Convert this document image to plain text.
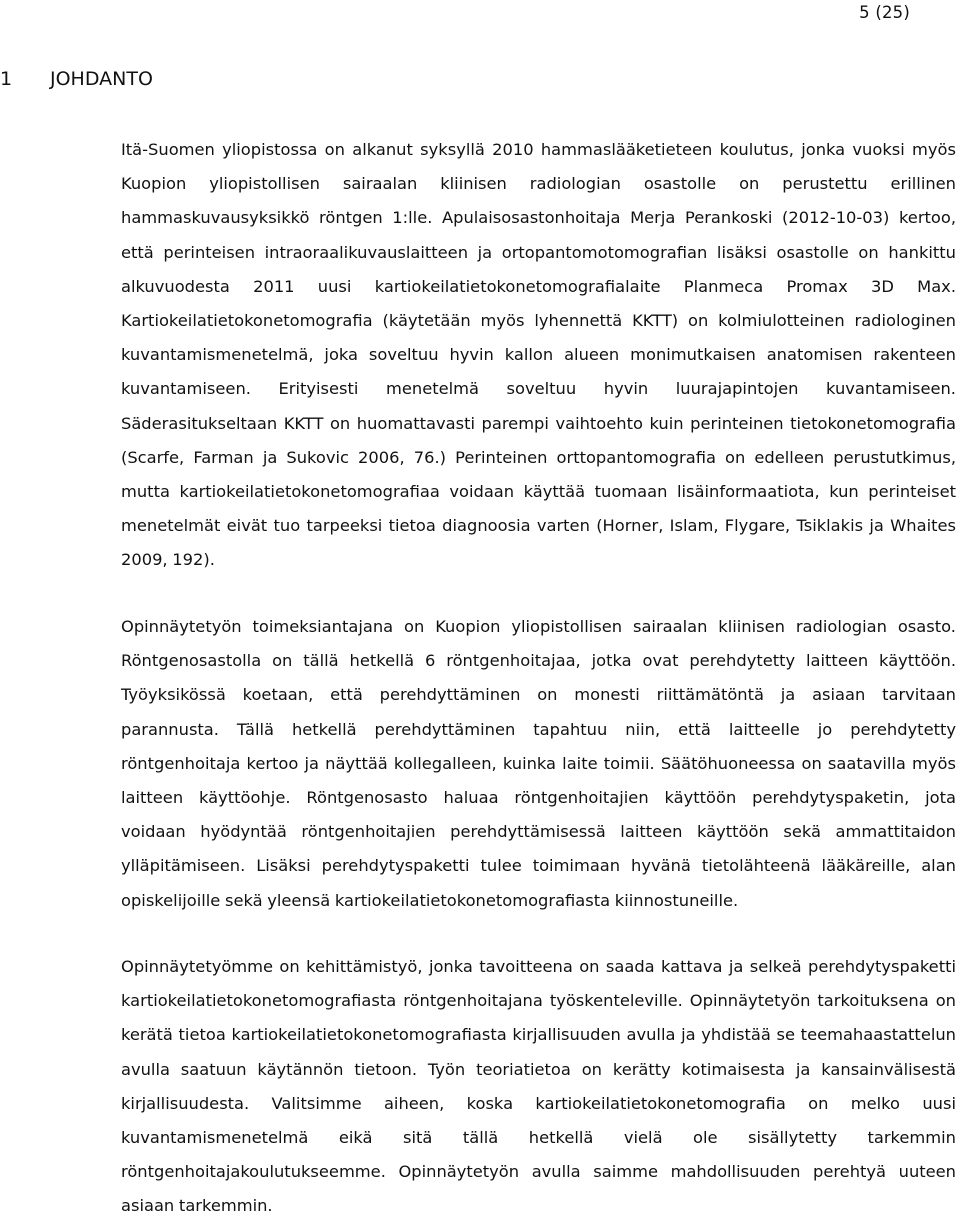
5 (25)
1 JOHDANTO
Itä-Suomen yliopistossa on alkanut syksyllä 2010 hammaslääketieteen koulutus, jonka vuoksi myös
Kuopion yliopistollisen sairaalan kliinisen radiologian osastolle on perustettu erillinen
hammaskuvausyksikkö röntgen 1:lle. Apulaisosastonhoitaja Merja Perankoski (2012-10-03) kertoo,
että perinteisen intraoraalikuvauslaitteen ja ortopantomotomografian lisäksi osastolle on hankittu
alkuvuodesta 2011 uusi kartiokeilatietokonetomografialaite Planmeca Promax 3D Max.
Kartiokeilatietokonetomografia (käytetään myös lyhennettä KKTT) on kolmiulotteinen radiologinen
kuvantamismenetelmä, joka soveltuu hyvin kallon alueen monimutkaisen anatomisen rakenteen
kuvantamiseen. Erityisesti menetelmä soveltuu hyvin luurajapintojen kuvantamiseen.
Säderasitukseltaan KKTT on huomattavasti parempi vaihtoehto kuin perinteinen tietokonetomografia
(Scarfe, Farman ja Sukovic 2006, 76.) Perinteinen orttopantomografia on edelleen perustutkimus,
mutta kartiokeilatietokonetomografiaa voidaan käyttää tuomaan lisäinformaatiota, kun perinteiset
menetelmät eivät tuo tarpeeksi tietoa diagnoosia varten (Horner, Islam, Flygare, Tsiklakis ja Whaites
2009, 192).
Opinnäytetyön toimeksiantajana on Kuopion yliopistollisen sairaalan kliinisen radiologian osasto.
Röntgenosastolla on tällä hetkellä 6 röntgenhoitajaa, jotka ovat perehdytetty laitteen käyttöön.
Työyksikössä koetaan, että perehdyttäminen on monesti riittämätöntä ja asiaan tarvitaan
parannusta. Tällä hetkellä perehdyttäminen tapahtuu niin, että laitteelle jo perehdytetty
röntgenhoitaja kertoo ja näyttää kollegalleen, kuinka laite toimii. Säätöhuoneessa on saatavilla myös
laitteen käyttöohje. Röntgenosasto haluaa röntgenhoitajien käyttöön perehdytyspaketin, jota
voidaan hyödyntää röntgenhoitajien perehdyttämisessä laitteen käyttöön sekä ammattitaidon
ylläpitämiseen. Lisäksi perehdytyspaketti tulee toimimaan hyvänä tietolähteenä lääkäreille, alan
opiskelijoille sekä yleensä kartiokeilatietokonetomografiasta kiinnostuneille.
Opinnäytetyömme on kehittämistyö, jonka tavoitteena on saada kattava ja selkeä perehdytyspaketti
kartiokeilatietokonetomografiasta röntgenhoitajana työskenteleville. Opinnäytetyön tarkoituksena on
kerätä tietoa kartiokeilatietokonetomografiasta kirjallisuuden avulla ja yhdistää se teemahaastattelun
avulla saatuun käytännön tietoon. Työn teoriatietoa on kerätty kotimaisesta ja kansainvälisestä
kirjallisuudesta. Valitsimme aiheen, koska kartiokeilatietokonetomografia on melko uusi
kuvantamismenetelmä eikä sitä tällä hetkellä vielä ole sisällytetty tarkemmin
röntgenhoitajakoulutukseemme. Opinnäytetyön avulla saimme mahdollisuuden perehtyä uuteen
asiaan tarkemmin.
